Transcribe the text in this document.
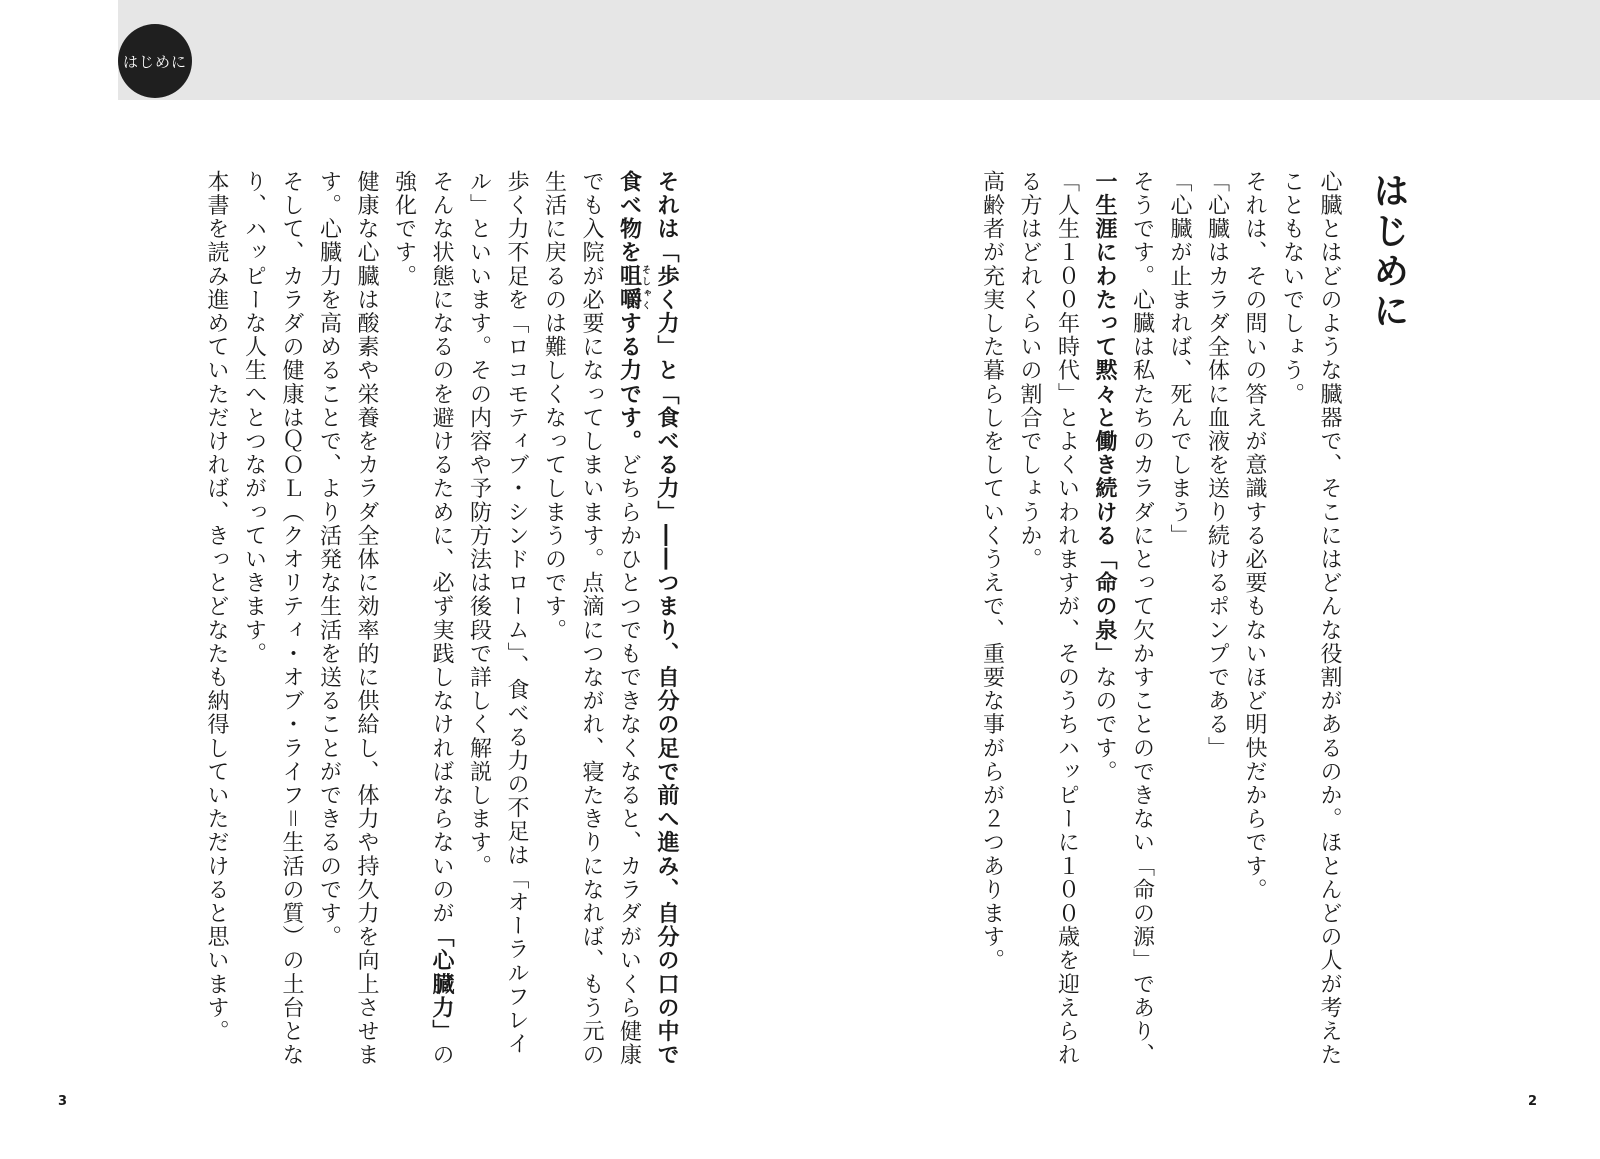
はじめに
はじめに

心臓とはどのような臓器で、そこにはどんな役割があるのか。ほとんどの人が考えたこともないでしょう。

それは、その問いの答えが意識する必要もないほど明快だからです。

「心臓はカラダ全体に血液を送り続けるポンプである」

「心臓が止まれば、死んでしまう」

そうです。心臓は私たちのカラダにとって欠かすことのできない「命の源」であり、

一生涯にわたって黙々と働き続ける「命の泉」なのです。

「人生１００年時代」とよくいわれますが、そのうちハッピーに１００歳を迎えられる方はどれくらいの割合でしょうか。

高齢者が充実した暮らしをしていくうえで、重要な事がらが２つあります。

それは「歩く力」と「食べる力」――つまり、自分の足で前へ進み、自分の口の中で食べ物を咀嚼そしゃくする力です。どちらかひとつでもできなくなると、カラダがいくら健康でも入院が必要になってしまいます。点滴につながれ、寝たきりになれば、もう元の生活に戻るのは難しくなってしまうのです。

歩く力不足を「ロコモティブ・シンドローム」、食べる力の不足は「オーラルフレイル」といいます。その内容や予防方法は後段で詳しく解説します。

そんな状態になるのを避けるために、必ず実践しなければならないのが「心臓力」の強化です。

健康な心臓は酸素や栄養をカラダ全体に効率的に供給し、体力や持久力を向上させます。心臓力を高めることで、より活発な生活を送ることができるのです。

そして、カラダの健康はＱＯＬ（クオリティ・オブ・ライフ＝生活の質）の土台となり、ハッピーな人生へとつながっていきます。

本書を読み進めていただければ、きっとどなたも納得していただけると思います。

2
3
